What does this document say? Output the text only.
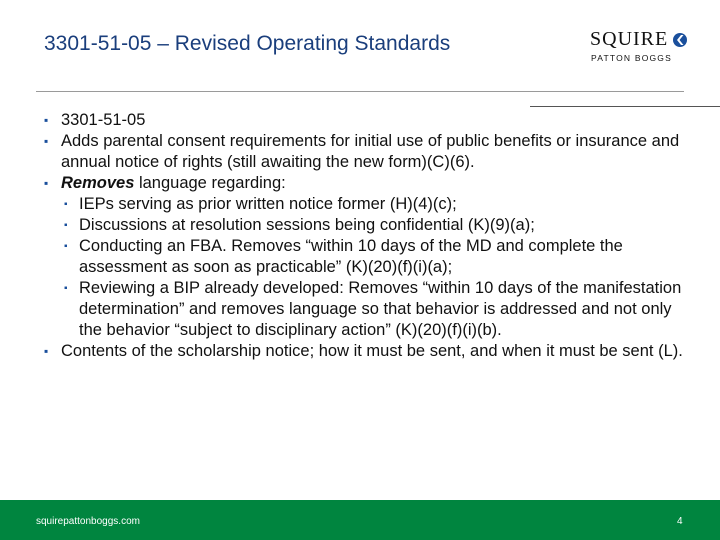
3301-51-05 – Revised Operating Standards	SQUIRE
PATTON BOGGS
▪ 3301-51-05
▪ Adds parental consent requirements for initial use of public benefits or insurance and annual notice of rights (still awaiting the new form)(C)(6).
▪ Removes language regarding:
▪ IEPs serving as prior written notice former (H)(4)(c);
▪ Discussions at resolution sessions being confidential (K)(9)(a);
▪ Conducting an FBA. Removes “within 10 days of the MD and complete the assessment as soon as practicable” (K)(20)(f)(i)(a);
▪ Reviewing a BIP already developed: Removes “within 10 days of the manifestation determination” and removes language so that behavior is addressed and not only the behavior “subject to disciplinary action” (K)(20)(f)(i)(b).
▪ Contents of the scholarship notice; how it must be sent, and when it must be sent (L).
squirepattonboggs.com	4
